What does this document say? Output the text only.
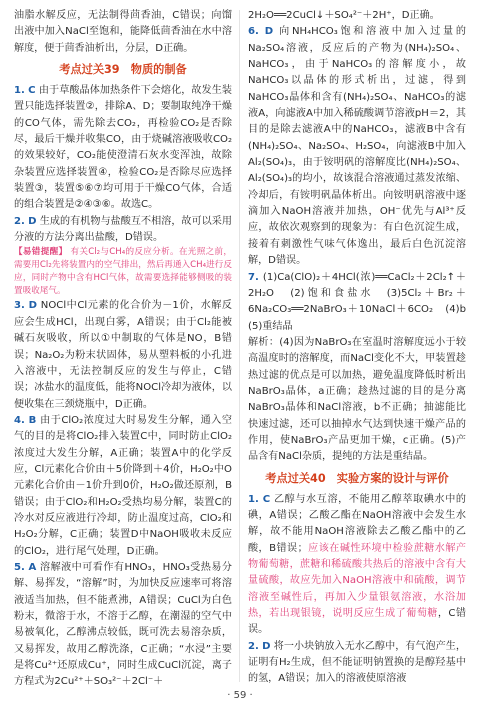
油脂水解反应，无法制得茴香油，C错误；向馏出液中加入NaCl至饱和，能降低茴香油在水中溶解度，便于茴香油析出，分层，D正确。

考点过关39　物质的制备

1. C 由于草酸晶体加热条件下会熔化，故发生装置只能选择装置②，排除A、D；要制取纯净干燥的CO气体，需先除去CO₂，再检验CO₂是否除尽，最后干燥并收集CO，由于烧碱溶液吸收CO₂的效果较好，CO₂能使澄清石灰水变浑浊，故除杂装置应选择装置④，检验CO₂是否除尽应选择装置③，装置⑤⑥⑦均可用于干燥CO气体，合适的组合装置是②④③⑥。故选C。

2. D 生成的有机物与盐酸互不相溶，故可以采用分液的方法分离出盐酸，D错误。

【易错提醒】 有关Cl₂与CH₄的反应分析。在光照之前，需要用Cl₂先将装置内的空气排出，然后再通入CH₄进行反应，同时产物中含有HCl气体，故需要选择能够侧吸的装置吸收尾气。

3. D NOCl中Cl元素的化合价为－1价，水解反应会生成HCl，出现白雾，A错误；由于Cl₂能被碱石灰吸收，所以①中制取的气体是NO，B错误；Na₂O₂为粉末状固体，易从塑料板的小孔进入溶液中，无法控制反应的发生与停止，C错误；冰盐水的温度低，能将NOCl冷却为液体，以便收集在三颈烧瓶中，D正确。

4. B 由于ClO₂浓度过大时易发生分解，通入空气的目的是将ClO₂排入装置C中，同时防止ClO₂浓度过大发生分解，A正确；装置A中的化学反应，Cl元素化合价由＋5价降到＋4价，H₂O₂中O元素化合价由－1价升到0价，H₂O₂做还原剂，B错误；由于ClO₂和H₂O₂受热均易分解，装置C的冷水对反应液进行冷却，防止温度过高，ClO₂和H₂O₂分解，C正确；装置D中NaOH吸收未反应的ClO₂，进行尾气处理，D正确。

5. A 溶解液中可看作有HNO₃，HNO₃受热易分解、易挥发，“溶解”时，为加快反应速率可将溶液适当加热，但不能煮沸，A错误；CuCl为白色粉末，微溶于水，不溶于乙醇，在潮湿的空气中易被氧化，乙醇沸点较低，既可洗去易溶杂质，又易挥发，故用乙醇洗涤，C正确；“水浸”主要是将Cu²⁺还原成Cu⁺，同时生成CuCl沉淀，离子方程式为2Cu²⁺＋SO₃²⁻＋2Cl⁻＋

2H₂O══2CuCl↓＋SO₄²⁻＋2H⁺，D正确。

6. D 向NH₄HCO₃饱和溶液中加入过量的Na₂SO₄溶液，反应后的产物为(NH₄)₂SO₄、NaHCO₃，由于NaHCO₃的溶解度小，故NaHCO₃以晶体的形式析出，过滤，得到NaHCO₃晶体和含有(NH₄)₂SO₄、NaHCO₃的滤液A，向滤液A中加入稀硫酸调节溶液pH＝2，其目的是除去滤液A中的NaHCO₃，滤液B中含有(NH₄)₂SO₄、Na₂SO₄、H₂SO₄，向滤液B中加入Al₂(SO₄)₃，由于铵明矾的溶解度比(NH₄)₂SO₄、Al₂(SO₄)₃的均小，故该混合溶液通过蒸发浓缩、冷却后，有铵明矾晶体析出。向铵明矾溶液中逐滴加入NaOH溶液并加热，OH⁻优先与Al³⁺反应，故依次观察到的现象为：有白色沉淀生成，接着有刺激性气味气体逸出，最后白色沉淀溶解，D错误。

7. (1)Ca(ClO)₂＋4HCl(浓)══CaCl₂＋2Cl₂↑＋2H₂O　(2)饱和食盐水　(3)5Cl₂＋Br₂＋6Na₂CO₃══2NaBrO₃＋10NaCl＋6CO₂　(4)b　(5)重结晶

解析：(4)因为NaBrO₃在室温时溶解度远小于较高温度时的溶解度，而NaCl变化不大，甲装置趁热过滤的优点是可以加热，避免温度降低时析出NaBrO₃晶体，a正确；趁热过滤的目的是分离NaBrO₃晶体和NaCl溶液，b不正确；抽滤能比快速过滤，还可以抽掉水气达到快速干燥产品的作用，使NaBrO₃产品更加干燥，c正确。(5)产品含有NaCl杂质，提纯的方法是重结晶。

考点过关40　实验方案的设计与评价

1. C 乙醇与水互溶，不能用乙醇萃取碘水中的碘，A错误；乙酸乙酯在NaOH溶液中会发生水解，故不能用NaOH溶液除去乙酸乙酯中的乙酸，B错误；应该在碱性环境中检验蔗糖水解产物葡萄糖，蔗糖和稀硫酸共热后的溶液中含有大量硫酸，故应先加入NaOH溶液中和硫酸，调节溶液至碱性后，再加入少量银氨溶液，水浴加热，若出现银镜，说明反应生成了葡萄糖，C错误。

2. D 将一小块钠放入无水乙醇中，有气泡产生，证明有H₂生成，但不能证明钠置换的是醇羟基中的氢，A错误；加入的溶液使原溶液

· 59 ·
